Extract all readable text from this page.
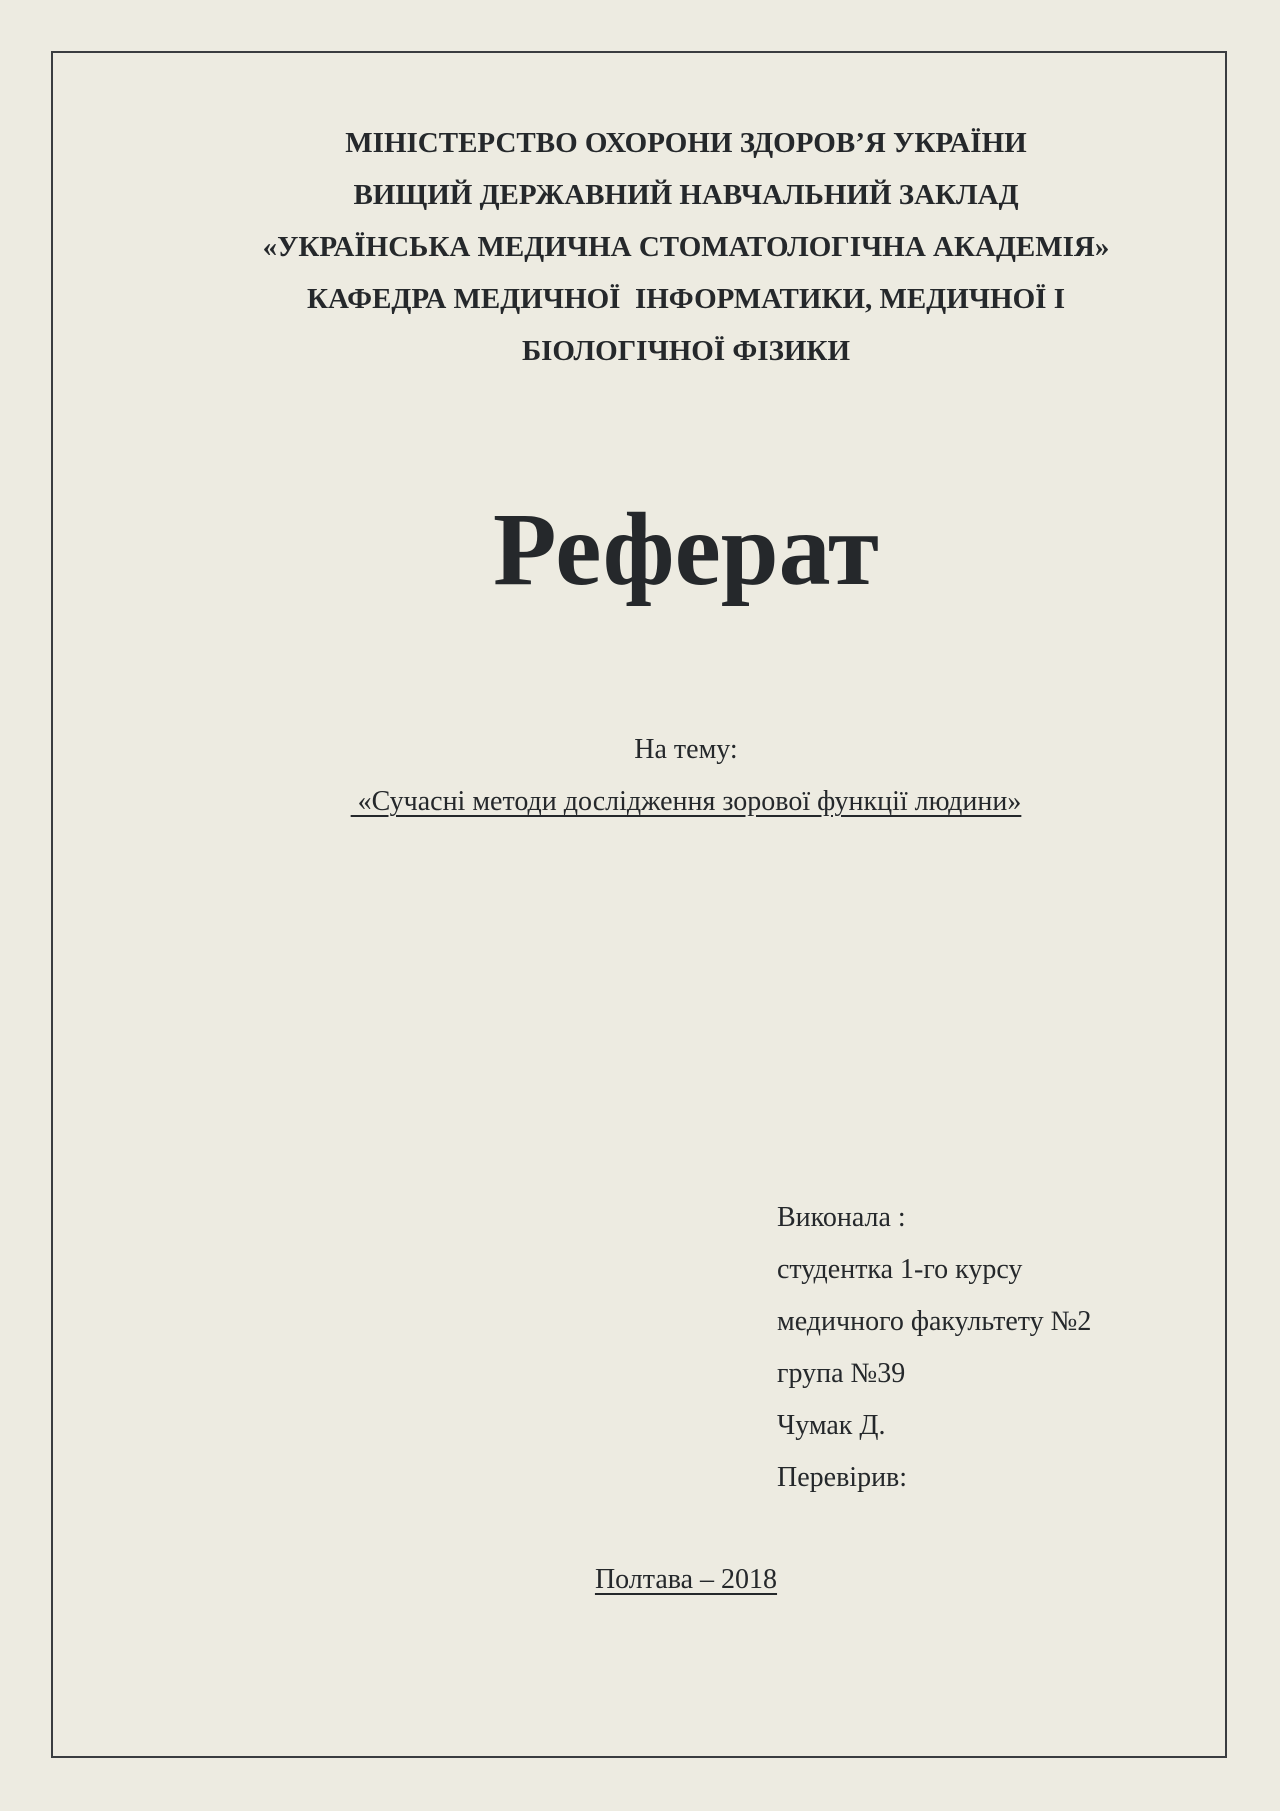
МІНІСТЕРСТВО ОХОРОНИ ЗДОРОВ’Я УКРАЇНИ
ВИЩИЙ ДЕРЖАВНИЙ НАВЧАЛЬНИЙ ЗАКЛАД
«УКРАЇНСЬКА МЕДИЧНА СТОМАТОЛОГІЧНА АКАДЕМІЯ»
КАФЕДРА МЕДИЧНОЇ  ІНФОРМАТИКИ, МЕДИЧНОЇ І
БІОЛОГІЧНОЇ ФІЗИКИ
Реферат
На тему:
«Сучасні методи дослідження зорової функції людини»
Виконала :
студентка 1-го курсу
медичного факультету №2
група №39
Чумак Д.
Перевірив:
Полтава – 2018
